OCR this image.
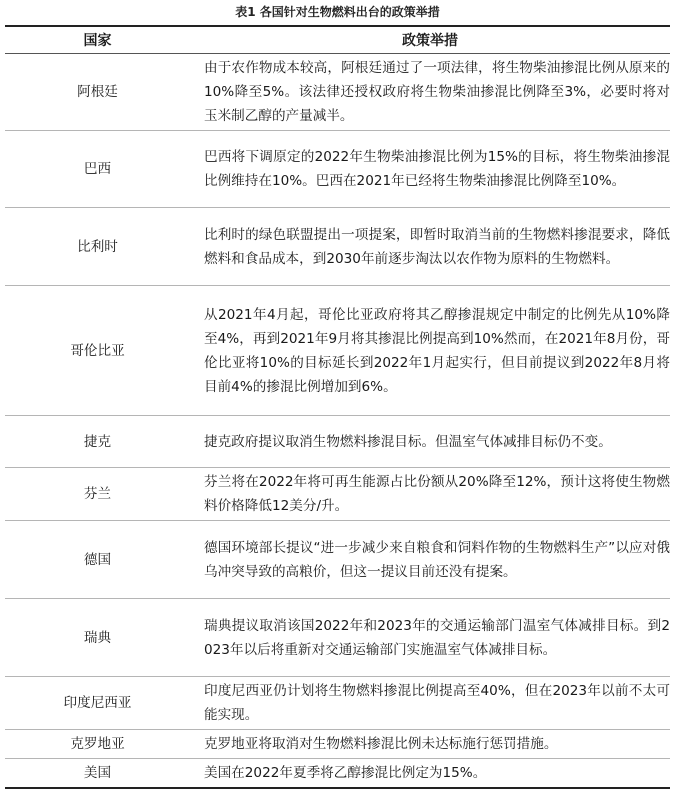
表1 各国针对生物燃料出台的政策举措
国家	政策举措
阿根廷	由于农作物成本较高，阿根廷通过了一项法律，将生物柴油掺混比例从原来的10%降至5%。该法律还授权政府将生物柴油掺混比例降至3%，必要时将对玉米制乙醇的产量减半。
巴西	巴西将下调原定的2022年生物柴油掺混比例为15%的目标，将生物柴油掺混比例维持在10%。巴西在2021年已经将生物柴油掺混比例降至10%。
比利时	比利时的绿色联盟提出一项提案，即暂时取消当前的生物燃料掺混要求，降低燃料和食品成本，到2030年前逐步淘汰以农作物为原料的生物燃料。
哥伦比亚	从2021年4月起，哥伦比亚政府将其乙醇掺混规定中制定的比例先从10%降至4%，再到2021年9月将其掺混比例提高到10%然而，在2021年8月份，哥伦比亚将10%的目标延长到2022年1月起实行，但目前提议到2022年8月将目前4%的掺混比例增加到6%。
捷克	捷克政府提议取消生物燃料掺混目标。但温室气体减排目标仍不变。
芬兰	芬兰将在2022年将可再生能源占比份额从20%降至12%，预计这将使生物燃料价格降低12美分/升。
德国	德国环境部长提议“进一步减少来自粮食和饲料作物的生物燃料生产”以应对俄乌冲突导致的高粮价，但这一提议目前还没有提案。
瑞典	瑞典提议取消该国2022年和2023年的交通运输部门温室气体减排目标。到2023年以后将重新对交通运输部门实施温室气体减排目标。
印度尼西亚	印度尼西亚仍计划将生物燃料掺混比例提高至40%，但在2023年以前不太可能实现。
克罗地亚	克罗地亚将取消对生物燃料掺混比例未达标施行惩罚措施。
美国	美国在2022年夏季将乙醇掺混比例定为15%。
